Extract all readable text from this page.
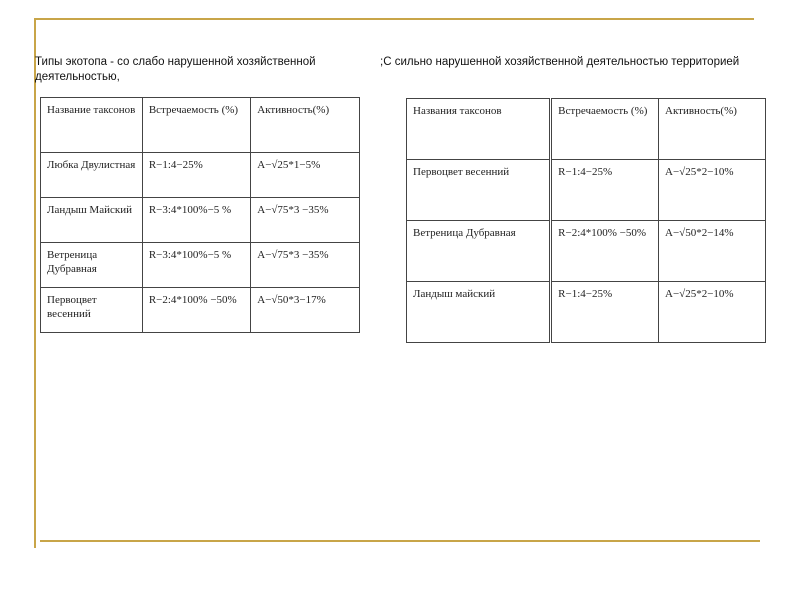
Типы экотопа - со слабо нарушенной хозяйственной деятельностью,
;С сильно нарушенной хозяйственной деятельностью территорией
Название таксонов	Встречаемость (%)	Активность(%)
Любка Двулистная	R−1:4−25%	A−√25*1−5%
Ландыш Майский	R−3:4*100%−5 %	A−√75*3 −35%
Ветреница Дубравная	R−3:4*100%−5 %	A−√75*3 −35%
Первоцвет весенний	R−2:4*100% −50%	A−√50*3−17%
Названия таксонов	Встречаемость (%)	Активность(%)
Первоцвет весенний	R−1:4−25%	A−√25*2−10%
Ветреница Дубравная	R−2:4*100% −50%	A−√50*2−14%
Ландыш майский	R−1:4−25%	A−√25*2−10%
